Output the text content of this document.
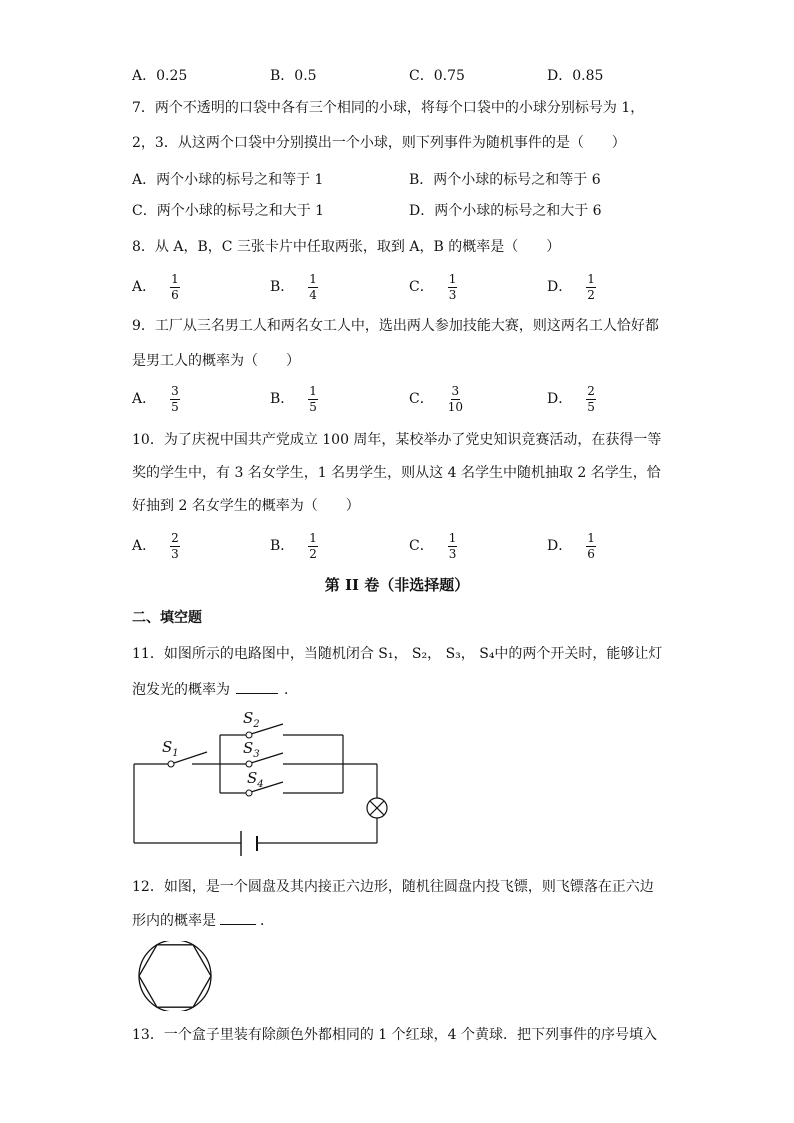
A．0.25	B．0.5	C．0.75	D．0.85
7．两个不透明的口袋中各有三个相同的小球，将每个口袋中的小球分别标号为 1，
2，3．从这两个口袋中分别摸出一个小球，则下列事件为随机事件的是（　　）
A．两个小球的标号之和等于 1	B．两个小球的标号之和等于 6
C．两个小球的标号之和大于 1	D．两个小球的标号之和大于 6
8．从 A，B，C 三张卡片中任取两张，取到 A，B 的概率是（　　）
A． $\frac{1}{6}$	B． $\frac{1}{4}$	C． $\frac{1}{3}$	D． $\frac{1}{2}$
9．工厂从三名男工人和两名女工人中，选出两人参加技能大赛，则这两名工人恰好都
是男工人的概率为（　　）
A． $\frac{3}{5}$	B． $\frac{1}{5}$	C． $\frac{3}{10}$	D． $\frac{2}{5}$
10．为了庆祝中国共产党成立 100 周年，某校举办了党史知识竞赛活动，在获得一等
奖的学生中，有 3 名女学生，1 名男学生，则从这 4 名学生中随机抽取 2 名学生，恰
好抽到 2 名女学生的概率为（　　）
A． $\frac{2}{3}$	B． $\frac{1}{2}$	C． $\frac{1}{3}$	D． $\frac{1}{6}$
第 II 卷（非选择题）
二、填空题
11．如图所示的电路图中，当随机闭合 S₁， S₂， S₃， S₄中的两个开关时，能够让灯
泡发光的概率为	．
$S_1$
$S_2$
$S_3$
$S_4$
12．如图，是一个圆盘及其内接正六边形，随机往圆盘内投飞镖，则飞镖落在正六边
形内的概率是	．
13．一个盒子里装有除颜色外都相同的 1 个红球，4 个黄球．把下列事件的序号填入
